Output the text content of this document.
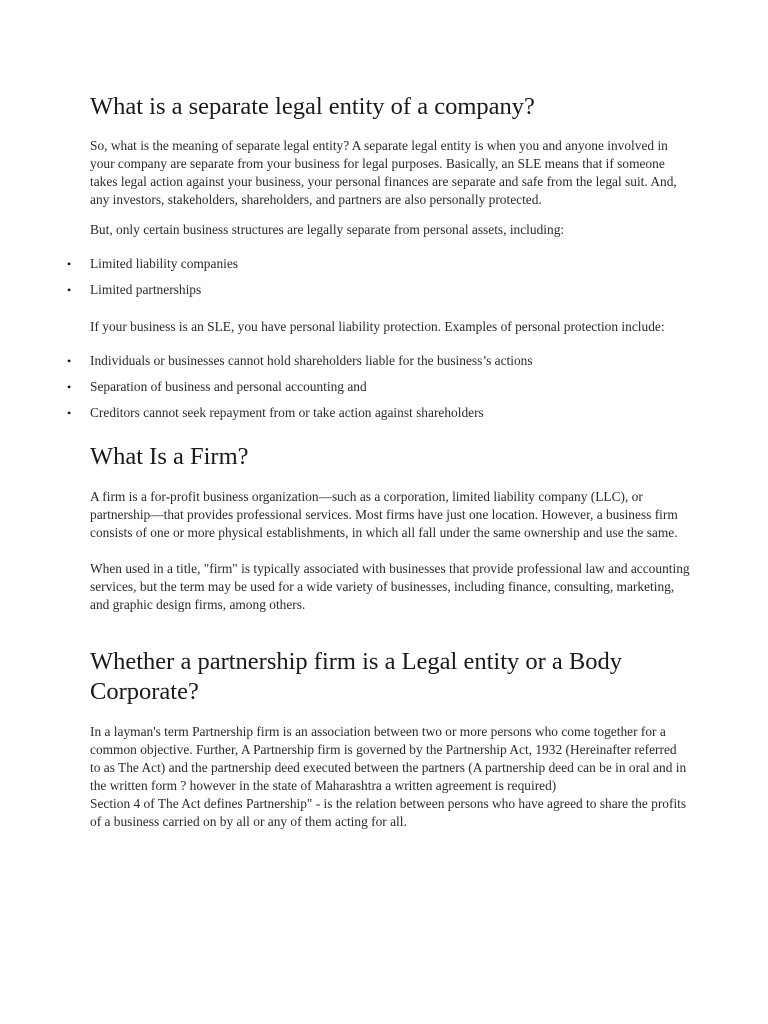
What is a separate legal entity of a company?

So, what is the meaning of separate legal entity? A separate legal entity is when you and anyone involved in your company are separate from your business for legal purposes. Basically, an SLE means that if someone takes legal action against your business, your personal finances are separate and safe from the legal suit. And, any investors, stakeholders, shareholders, and partners are also personally protected.

But, only certain business structures are legally separate from personal assets, including:

• Limited liability companies
• Limited partnerships

If your business is an SLE, you have personal liability protection. Examples of personal protection include:

• Individuals or businesses cannot hold shareholders liable for the business’s actions
• Separation of business and personal accounting and
• Creditors cannot seek repayment from or take action against shareholders
What Is a Firm?

A firm is a for-profit business organization—such as a corporation, limited liability company (LLC), or partnership—that provides professional services. Most firms have just one location. However, a business firm consists of one or more physical establishments, in which all fall under the same ownership and use the same.

When used in a title, "firm" is typically associated with businesses that provide professional law and accounting services, but the term may be used for a wide variety of businesses, including finance, consulting, marketing, and graphic design firms, among others.

Whether a partnership firm is a Legal entity or a Body Corporate?

In a layman's term Partnership firm is an association between two or more persons who come together for a common objective. Further, A Partnership firm is governed by the Partnership Act, 1932 (Hereinafter referred to as The Act) and the partnership deed executed between the partners (A partnership deed can be in oral and in the written form ? however in the state of Maharashtra a written agreement is required)

Section 4 of The Act defines Partnership" - is the relation between persons who have agreed to share the profits of a business carried on by all or any of them acting for all.
